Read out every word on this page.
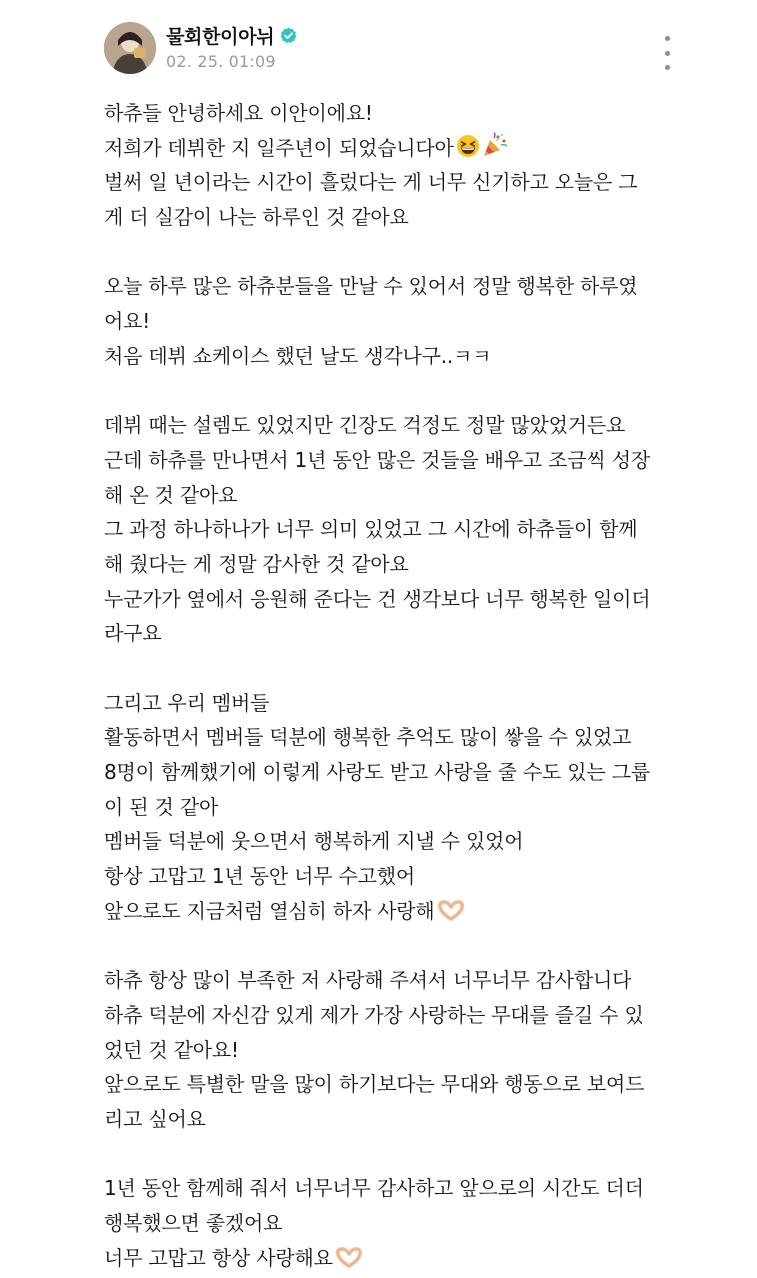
물회한이아뉘
02. 25. 01:09
하츄들 안녕하세요 이안이에요!
저희가 데뷔한 지 일주년이 되었습니다아
벌써 일 년이라는 시간이 흘렀다는 게 너무 신기하고 오늘은 그
게 더 실감이 나는 하루인 것 같아요
오늘 하루 많은 하츄분들을 만날 수 있어서 정말 행복한 하루였
어요!
처음 데뷔 쇼케이스 했던 날도 생각나구..ㅋㅋ
데뷔 때는 설렘도 있었지만 긴장도 걱정도 정말 많았었거든요
근데 하츄를 만나면서 1년 동안 많은 것들을 배우고 조금씩 성장
해 온 것 같아요
그 과정 하나하나가 너무 의미 있었고 그 시간에 하츄들이 함께
해 줬다는 게 정말 감사한 것 같아요
누군가가 옆에서 응원해 준다는 건 생각보다 너무 행복한 일이더
라구요
그리고 우리 멤버들
활동하면서 멤버들 덕분에 행복한 추억도 많이 쌓을 수 있었고
8명이 함께했기에 이렇게 사랑도 받고 사랑을 줄 수도 있는 그룹
이 된 것 같아
멤버들 덕분에 웃으면서 행복하게 지낼 수 있었어
항상 고맙고 1년 동안 너무 수고했어
앞으로도 지금처럼 열심히 하자 사랑해
하츄 항상 많이 부족한 저 사랑해 주셔서 너무너무 감사합니다
하츄 덕분에 자신감 있게 제가 가장 사랑하는 무대를 즐길 수 있
었던 것 같아요!
앞으로도 특별한 말을 많이 하기보다는 무대와 행동으로 보여드
리고 싶어요
1년 동안 함께해 줘서 너무너무 감사하고 앞으로의 시간도 더더
행복했으면 좋겠어요
너무 고맙고 항상 사랑해요
